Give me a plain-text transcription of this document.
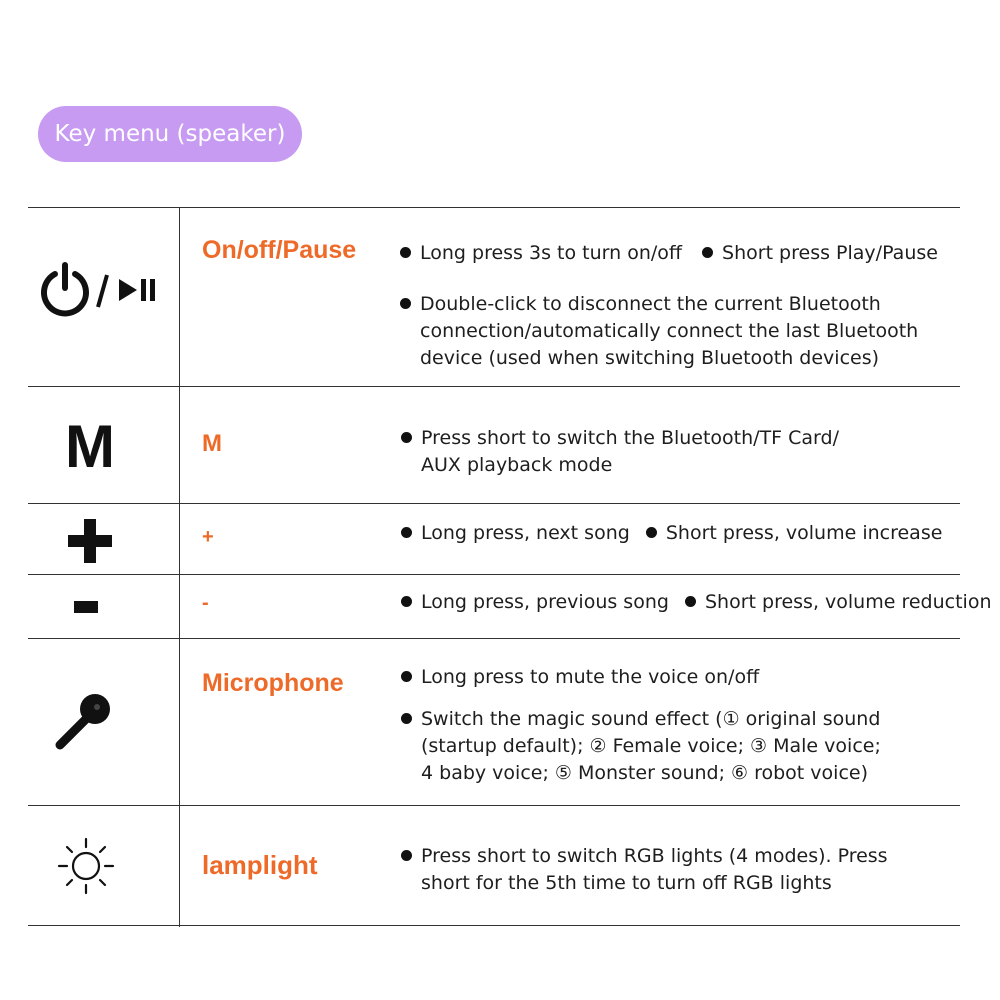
Key menu (speaker)
On/off/Pause	Long press 3s to turn on/off Short press Play/Pause
Double-click to disconnect the current Bluetooth
connection/automatically connect the last Bluetooth
device (used when switching Bluetooth devices)
M	M	Press short to switch the Bluetooth/TF Card/
AUX playback mode
+	Long press, next song Short press, volume increase
-	Long press, previous song Short press, volume reduction
Microphone	Long press to mute the voice on/off
Switch the magic sound effect (① original sound
(startup default); ② Female voice; ③ Male voice;
4 baby voice; ⑤ Monster sound; ⑥ robot voice)
lamplight	Press short to switch RGB lights (4 modes). Press
short for the 5th time to turn off RGB lights
